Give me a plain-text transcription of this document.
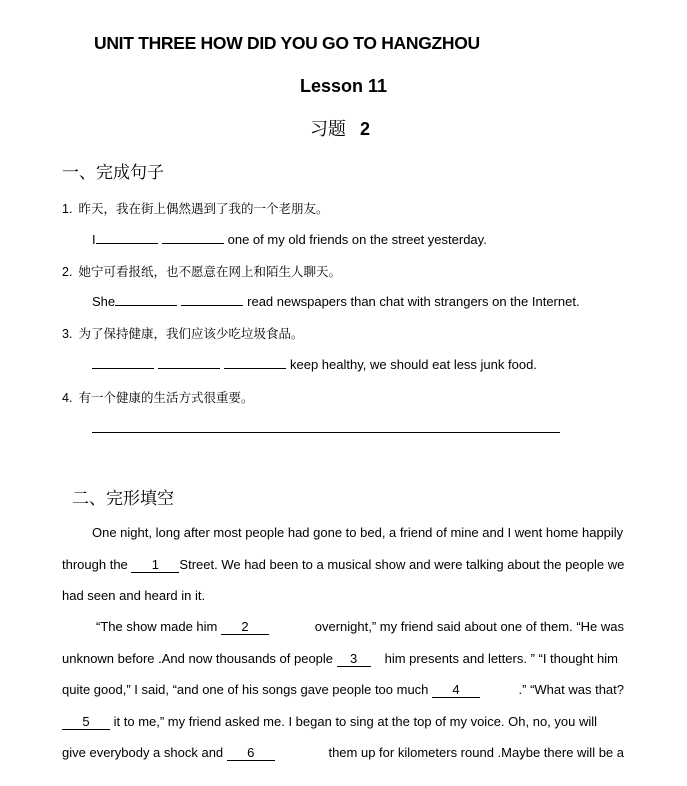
UNIT THREE HOW DID YOU GO TO HANGZHOU
Lesson 11
习题 2
一、完成句子
1. 昨天，我在街上偶然遇到了我的一个老朋友。
I	one of my old friends on the street yesterday.
2. 她宁可看报纸，也不愿意在网上和陌生人聊天。
She	read newspapers than chat with strangers on the Internet.
3. 为了保持健康，我们应该少吃垃圾食品。
keep healthy, we should eat less junk food.
4. 有一个健康的生活方式很重要。
二、完形填空
One night, long after most people had gone to bed, a friend of mine and I went home happily
through the 1	Street. We had been to a musical show and were talking about the people we
had seen and heard in it.
“The show made him 2	overnight,” my friend said about one of them. “He was
unknown before .And now thousands of people 3	him presents and letters. ” “I thought him
quite good,” I said, “and one of his songs gave people too much 4	.” “What was that?
5 it to me,” my friend asked me. I began to sing at the top of my voice. Oh, no, you will
give everybody a shock and 6	them up for kilometers round .Maybe there will be a
